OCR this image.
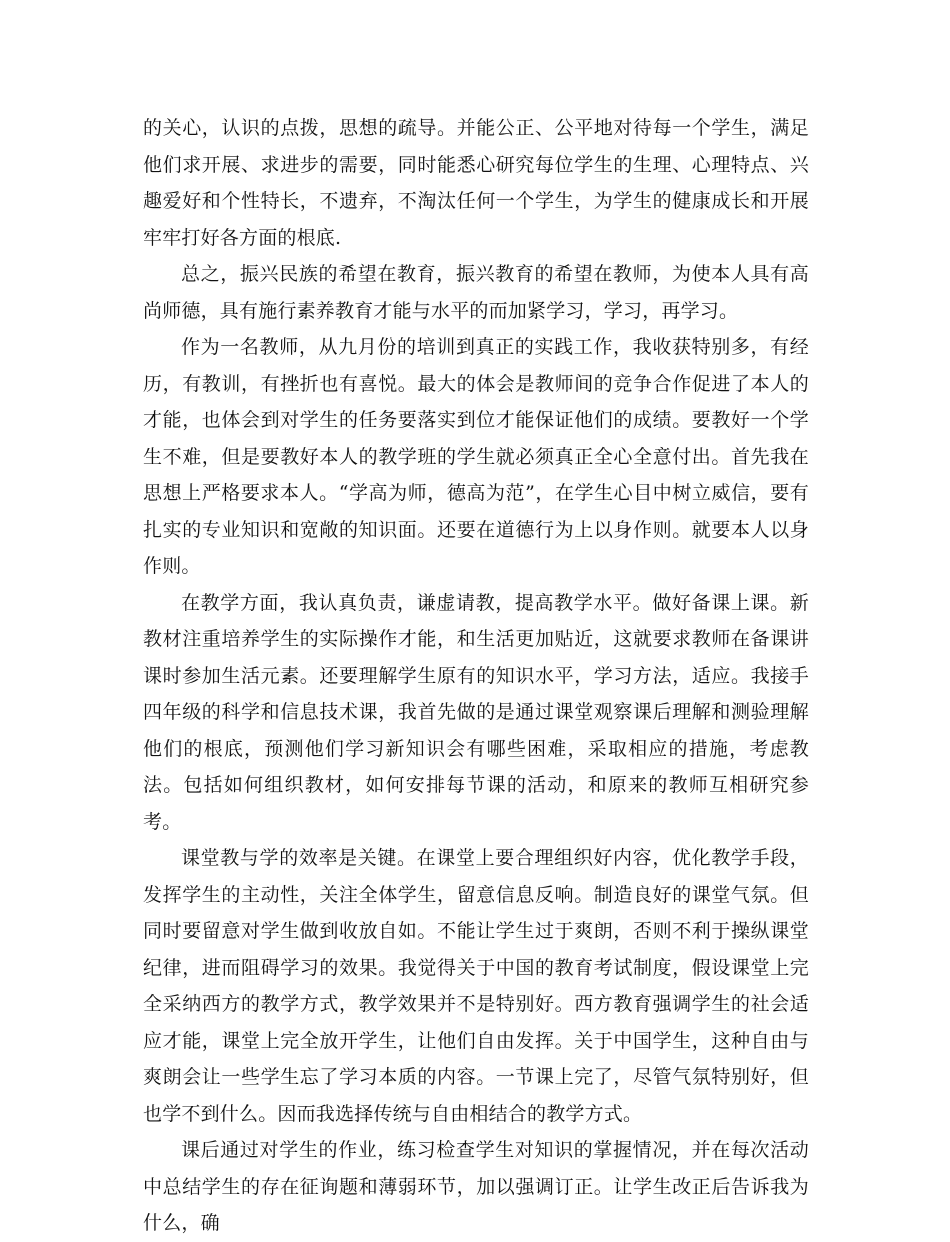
的关心，认识的点拨，思想的疏导。并能公正、公平地对待每一个学生，满足他们求开展、求进步的需要，同时能悉心研究每位学生的生理、心理特点、兴趣爱好和个性特长，不遗弃，不淘汰任何一个学生，为学生的健康成长和开展牢牢打好各方面的根底.

总之，振兴民族的希望在教育，振兴教育的希望在教师，为使本人具有高尚师德，具有施行素养教育才能与水平的而加紧学习，学习，再学习。

作为一名教师，从九月份的培训到真正的实践工作，我收获特别多，有经历，有教训，有挫折也有喜悦。最大的体会是教师间的竞争合作促进了本人的才能，也体会到对学生的任务要落实到位才能保证他们的成绩。要教好一个学生不难，但是要教好本人的教学班的学生就必须真正全心全意付出。首先我在思想上严格要求本人。“学高为师，德高为范”，在学生心目中树立威信，要有扎实的专业知识和宽敞的知识面。还要在道德行为上以身作则。就要本人以身作则。

在教学方面，我认真负责，谦虚请教，提高教学水平。做好备课上课。新教材注重培养学生的实际操作才能，和生活更加贴近，这就要求教师在备课讲课时参加生活元素。还要理解学生原有的知识水平，学习方法，适应。我接手四年级的科学和信息技术课，我首先做的是通过课堂观察课后理解和测验理解他们的根底，预测他们学习新知识会有哪些困难，采取相应的措施，考虑教法。包括如何组织教材，如何安排每节课的活动，和原来的教师互相研究参考。

课堂教与学的效率是关键。在课堂上要合理组织好内容，优化教学手段，发挥学生的主动性，关注全体学生，留意信息反响。制造良好的课堂气氛。但同时要留意对学生做到收放自如。不能让学生过于爽朗，否则不利于操纵课堂纪律，进而阻碍学习的效果。我觉得关于中国的教育考试制度，假设课堂上完全采纳西方的教学方式，教学效果并不是特别好。西方教育强调学生的社会适应才能，课堂上完全放开学生，让他们自由发挥。关于中国学生，这种自由与爽朗会让一些学生忘了学习本质的内容。一节课上完了，尽管气氛特别好，但也学不到什么。因而我选择传统与自由相结合的教学方式。

课后通过对学生的作业，练习检查学生对知识的掌握情况，并在每次活动中总结学生的存在征询题和薄弱环节，加以强调订正。让学生改正后告诉我为什么，确
